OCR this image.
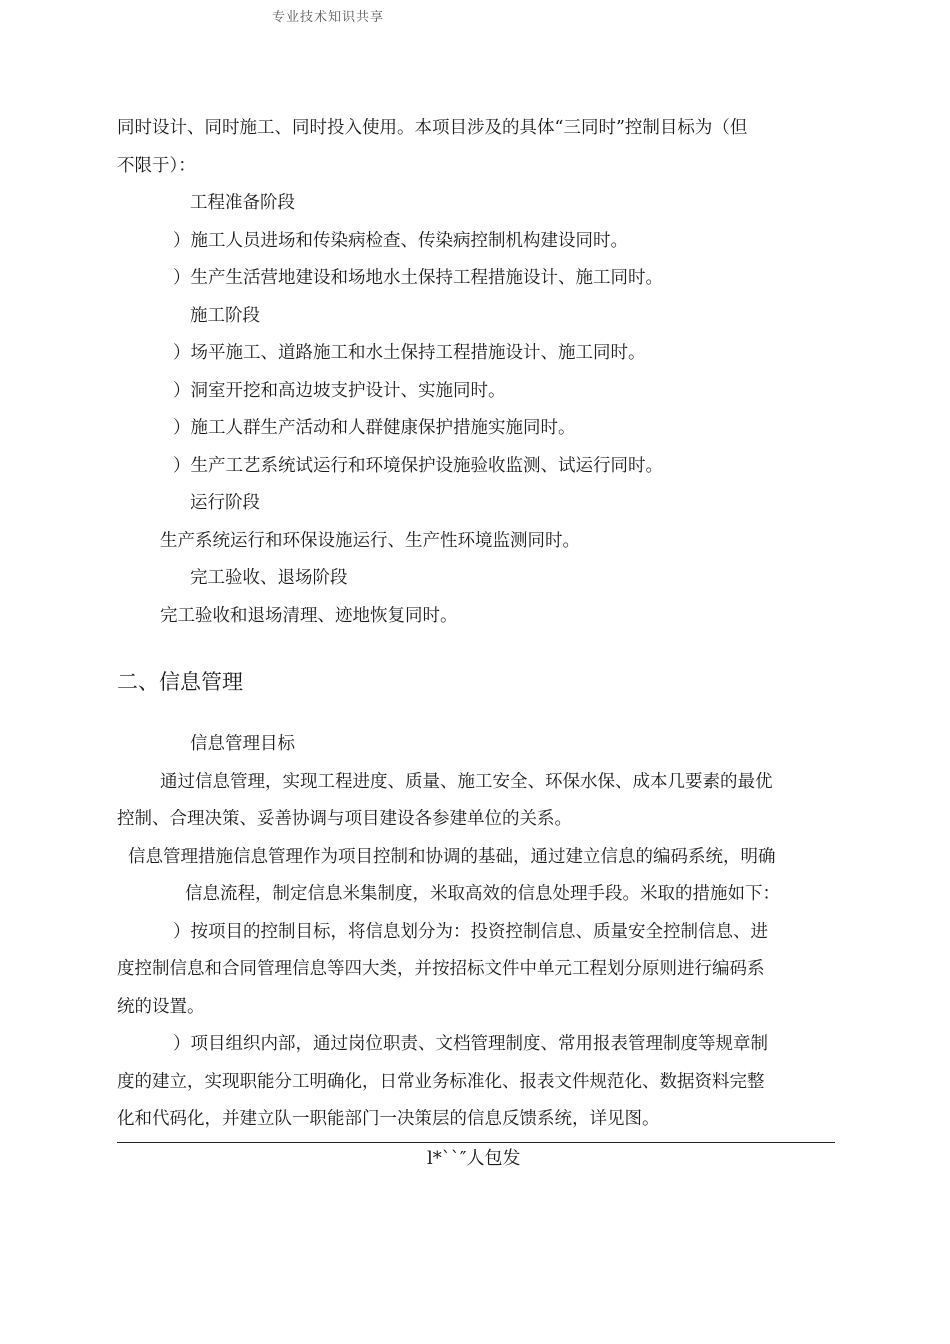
专业技术知识共享
同时设计、同时施工、同时投入使用。本项目涉及的具体“三同时”控制目标为（但
不限于）：
工程准备阶段
）施工人员进场和传染病检查、传染病控制机构建设同时。
）生产生活营地建设和场地水土保持工程措施设计、施工同时。
施工阶段
）场平施工、道路施工和水土保持工程措施设计、施工同时。
）洞室开挖和高边坡支护设计、实施同时。
）施工人群生产活动和人群健康保护措施实施同时。
）生产工艺系统试运行和环境保护设施验收监测、试运行同时。
运行阶段
生产系统运行和环保设施运行、生产性环境监测同时。
完工验收、退场阶段
完工验收和退场清理、迹地恢复同时。
二、信息管理
信息管理目标
通过信息管理，实现工程进度、质量、施工安全、环保水保、成本几要素的最优
控制、合理决策、妥善协调与项目建设各参建单位的关系。
信息管理措施信息管理作为项目控制和协调的基础，通过建立信息的编码系统，明确
信息流程，制定信息米集制度，米取高效的信息处理手段。米取的措施如下：
）按项目的控制目标，将信息划分为：投资控制信息、质量安全控制信息、进
度控制信息和合同管理信息等四大类，并按招标文件中单元工程划分原则进行编码系
统的设置。
）项目组织内部，通过岗位职责、文档管理制度、常用报表管理制度等规章制
度的建立，实现职能分工明确化，日常业务标准化、报表文件规范化、数据资料完整
化和代码化，并建立队一职能部门一决策层的信息反馈系统，详见图。
l*``″人包发
